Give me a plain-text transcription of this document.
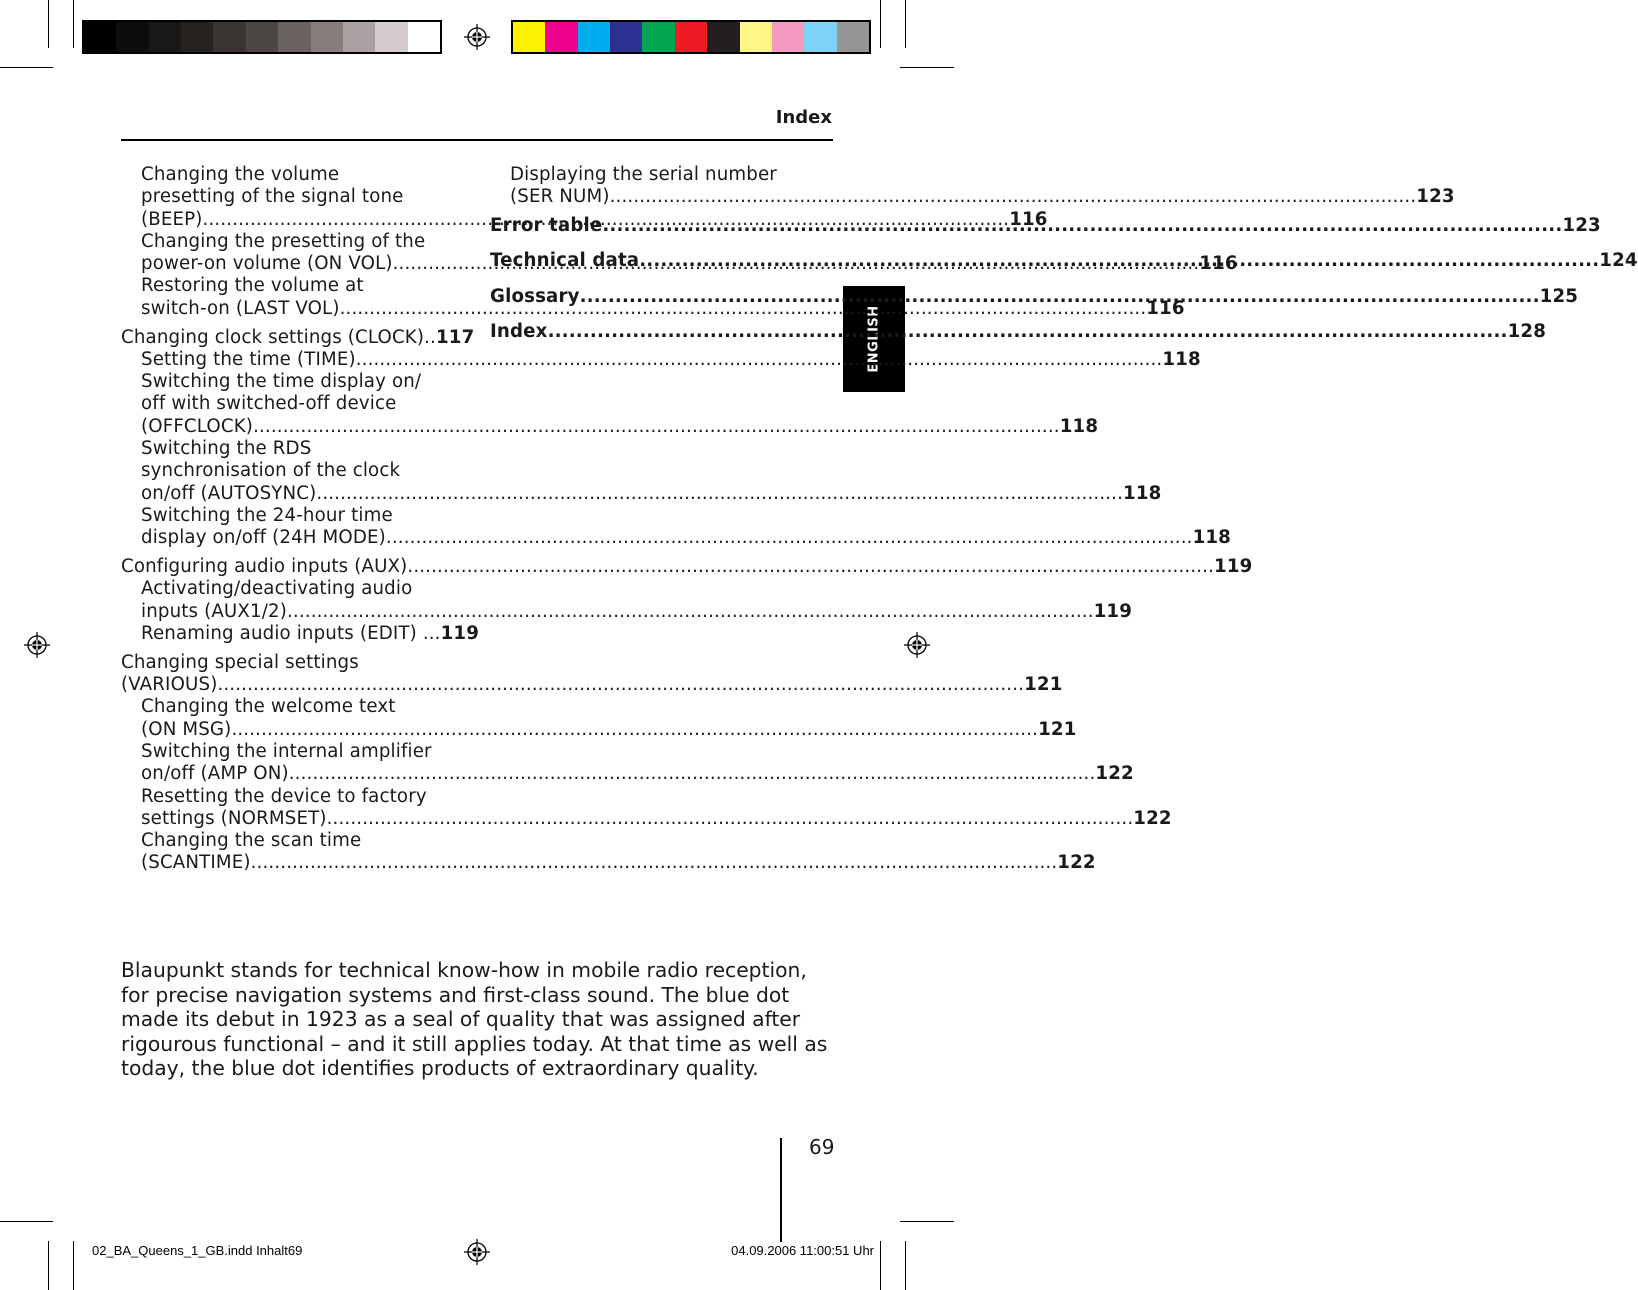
Index
ENGLISH
Changing the volume
presetting of the signal tone
(BEEP) .....	116
Changing the presetting of the
power-on volume (ON VOL) .....	116
Restoring the volume at
switch-on (LAST VOL) .....	116
Changing clock settings (CLOCK).. 117
Setting the time (TIME) .....	118
Switching the time display on/
off with switched-off device
(OFFCLOCK) .....	118
Switching the RDS
synchronisation of the clock
on/off (AUTOSYNC) .....	118
Switching the 24-hour time
display on/off (24H MODE) .....	118
Configuring audio inputs (AUX) .....	119
Activating/deactivating audio
inputs (AUX1/2) .....	119
Renaming audio inputs (EDIT) ... 119
Changing special settings
(VARIOUS) .....	121
Changing the welcome text
(ON MSG) .....	121
Switching the internal amplifier
on/off (AMP ON) .....	122
Resetting the device to factory
settings (NORMSET) .....	122
Changing the scan time
(SCANTIME) .....	122
Displaying the serial number
(SER NUM) .....	123
Error table .....	123
Technical data .....	124
Glossary .....	125
Index .....	128
Blaupunkt stands for technical know-how in mobile radio reception, for precise navigation systems and first-class sound. The blue dot made its debut in 1923 as a seal of quality that was assigned after rigourous functional – and it still applies today. At that time as well as today, the blue dot identifies products of extraordinary quality.
69
02_BA_Queens_1_GB.indd Inhalt69	04.09.2006 11:00:51 Uhr
